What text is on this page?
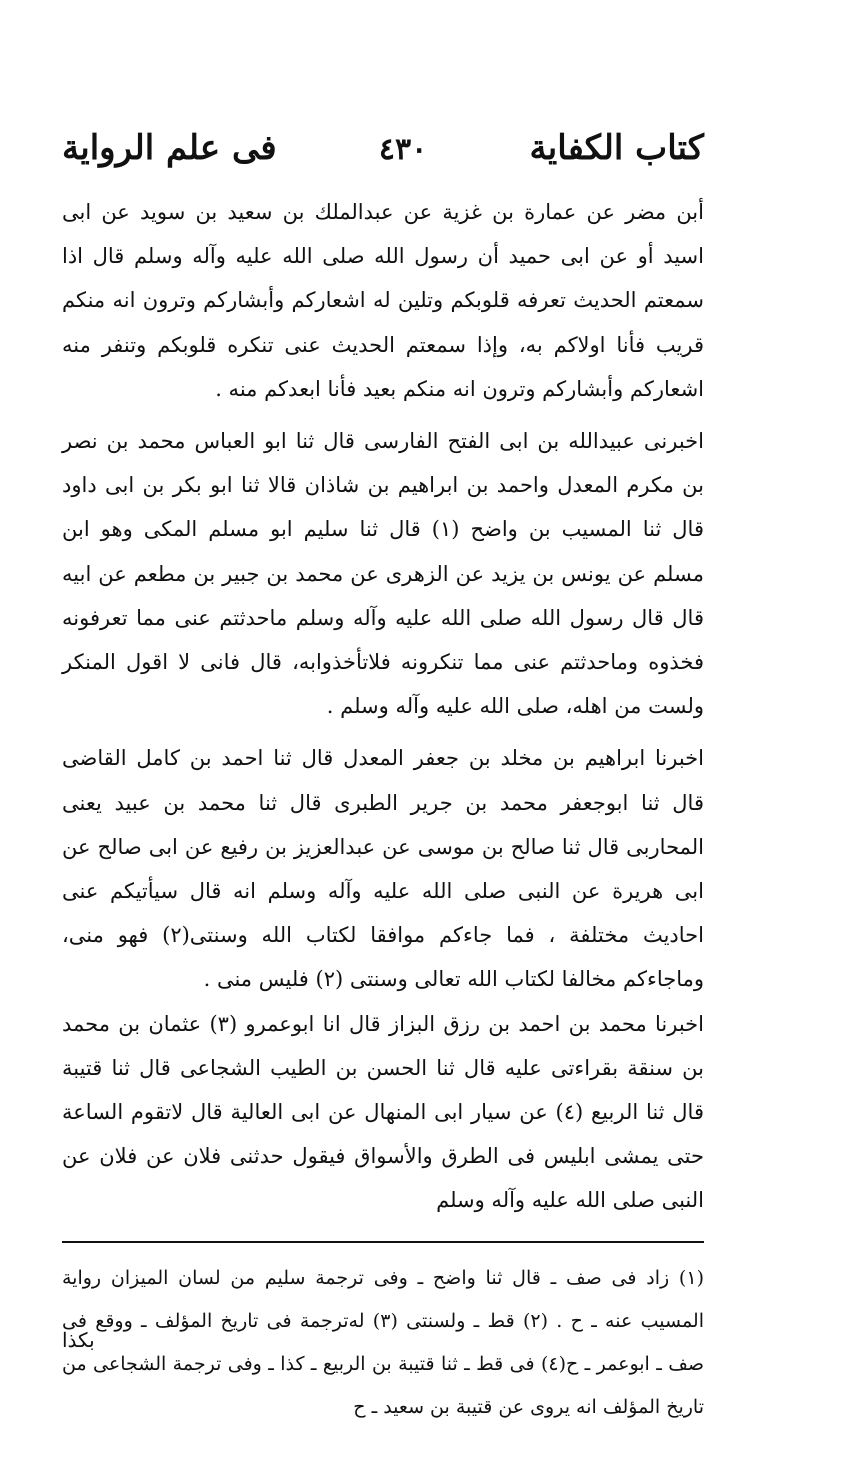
كتاب الكفاية
٤٣٠
فى علم الرواية

أبن مضر عن عمارة بن غزية عن عبدالملك بن سعيد بن سويد عن ابى اسيد أو عن ابى حميد أن رسول الله صلى الله عليه وآله وسلم قال اذا سمعتم الحديث تعرفه قلوبكم وتلين له اشعاركم وأبشاركم وترون انه منكم قريب فأنا اولاكم به، وإذا سمعتم الحديث عنى تنكره قلوبكم وتنفر منه اشعاركم وأبشاركم وترون انه منكم بعيد فأنا ابعدكم منه .

اخبرنى عبيدالله بن ابى الفتح الفارسى قال ثنا ابو العباس محمد بن نصر بن مكرم المعدل واحمد بن ابراهيم بن شاذان قالا ثنا ابو بكر بن ابى داود قال ثنا المسيب بن واضح (١) قال ثنا سليم ابو مسلم المكى وهو ابن مسلم عن يونس بن يزيد عن الزهرى عن محمد بن جبير بن مطعم عن ابيه قال قال رسول الله صلى الله عليه وآله وسلم ماحدثتم عنى مما تعرفونه فخذوه وماحدثتم عنى مما تنكرونه فلاتأخذوابه، قال فانى لا اقول المنكر ولست من اهله، صلى الله عليه وآله وسلم .

اخبرنا ابراهيم بن مخلد بن جعفر المعدل قال ثنا احمد بن كامل القاضى قال ثنا ابوجعفر محمد بن جرير الطبرى قال ثنا محمد بن عبيد يعنى المحاربى قال ثنا صالح بن موسى عن عبدالعزيز بن رفيع عن ابى صالح عن ابى هريرة عن النبى صلى الله عليه وآله وسلم انه قال سيأتيكم عنى احاديث مختلفة ، فما جاءكم موافقا لكتاب الله وسنتى(٢) فهو منى، وماجاءكم مخالفا لكتاب الله تعالى وسنتى (٢) فليس منى .

اخبرنا محمد بن احمد بن رزق البزاز قال انا ابوعمرو (٣) عثمان بن محمد بن سنقة بقراءتى عليه قال ثنا الحسن بن الطيب الشجاعى قال ثنا قتيبة قال ثنا الربيع (٤) عن سيار ابى المنهال عن ابى العالية قال لاتقوم الساعة حتى يمشى ابليس فى الطرق والأسواق فيقول حدثنى فلان عن فلان عن النبى صلى الله عليه وآله وسلم

(١) زاد فى صف ـ قال ثنا واضح ـ وفى ترجمة سليم من لسان الميزان رواية المسيب عنه ـ ح . (٢) قط ـ ولسنتى (٣) لەترجمة فى تاريخ المؤلف ـ ووقع فى صف ـ ابوعمر ـ ح(٤) فى قط ـ ثنا قتيبة بن الربيع ـ كذا ـ وفى ترجمة الشجاعى من تاريخ المؤلف انه يروى عن قتيبة بن سعيد ـ ح

بكذا
